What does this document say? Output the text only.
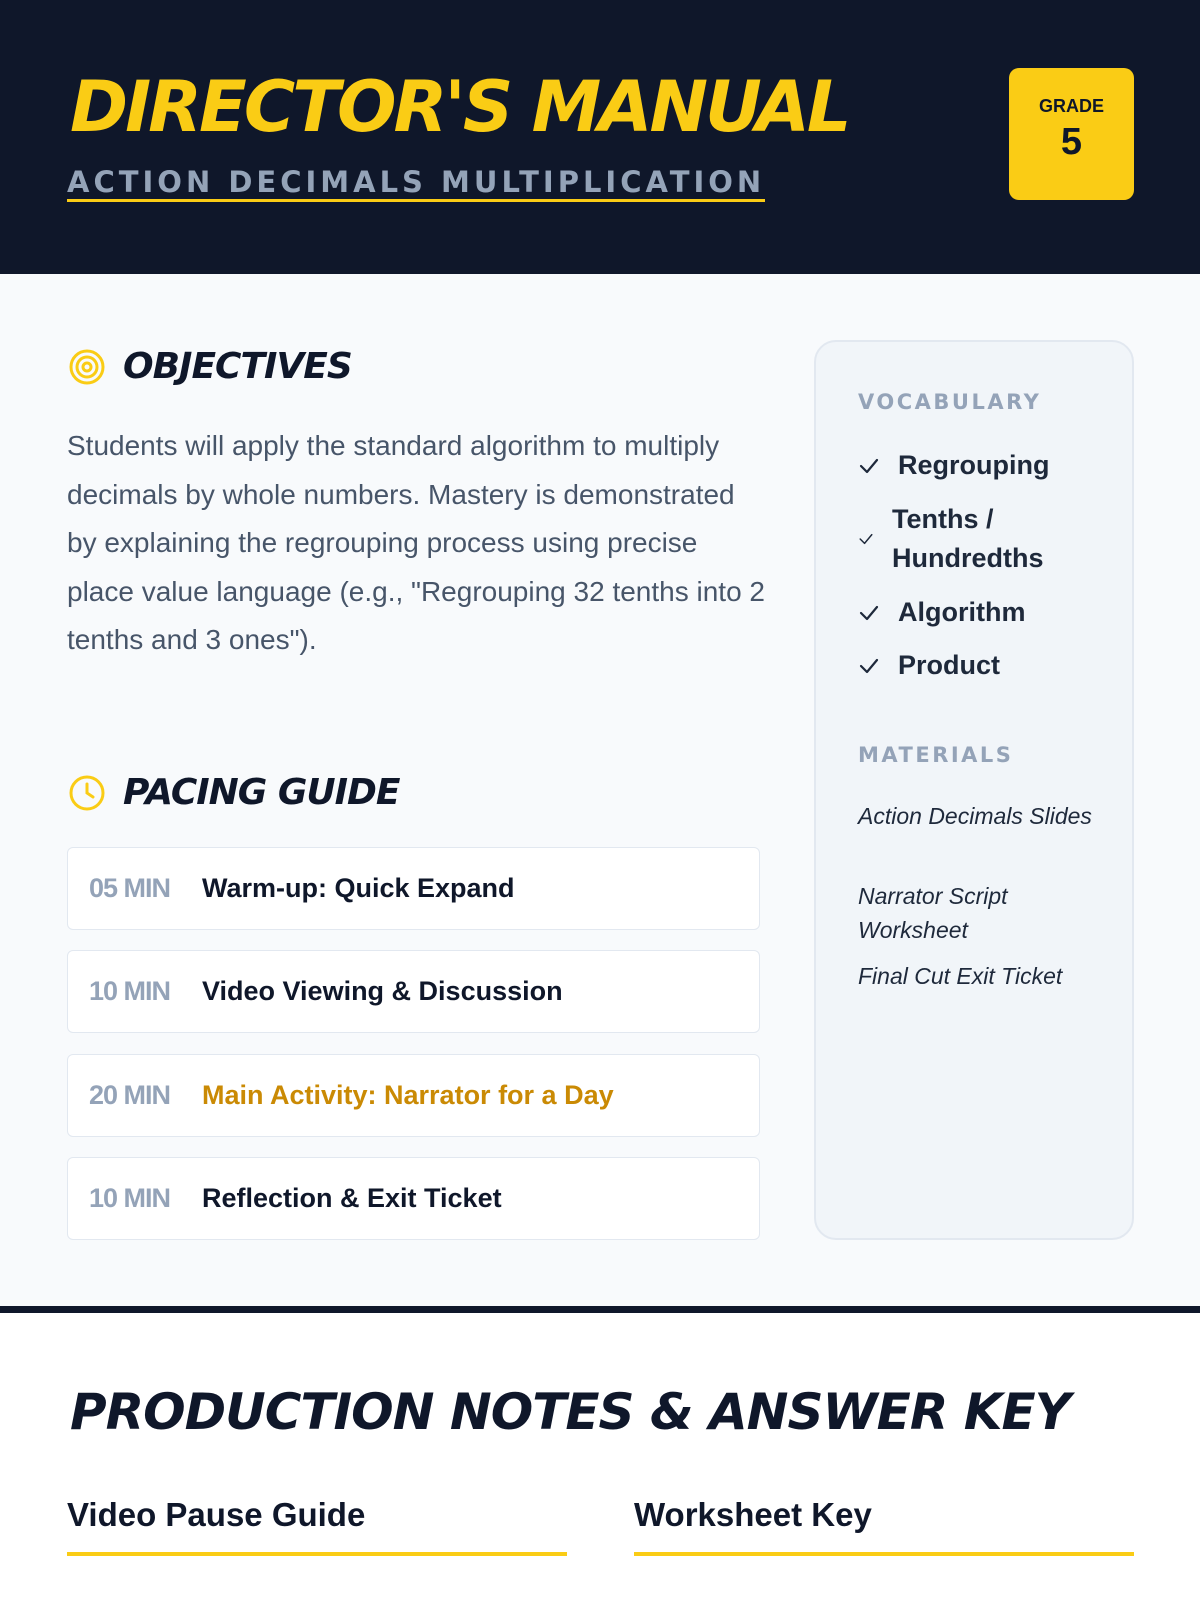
DIRECTOR'S MANUAL
ACTION DECIMALS MULTIPLICATION
GRADE
5
OBJECTIVES

Students will apply the standard algorithm to multiply decimals by whole numbers. Mastery is demonstrated by explaining the regrouping process using precise place value language (e.g., "Regrouping 32 tenths into 2 tenths and 3 ones").

PACING GUIDE
05 MIN	Warm-up: Quick Expand
10 MIN	Video Viewing & Discussion
20 MIN	Main Activity: Narrator for a Day
10 MIN	Reflection & Exit Ticket
VOCABULARY
Regrouping
Tenths /
Hundredths
Algorithm
Product
MATERIALS
Action Decimals Slides
Narrator Script Worksheet
Final Cut Exit Ticket
PRODUCTION NOTES & ANSWER KEY
Video Pause Guide	Worksheet Key
